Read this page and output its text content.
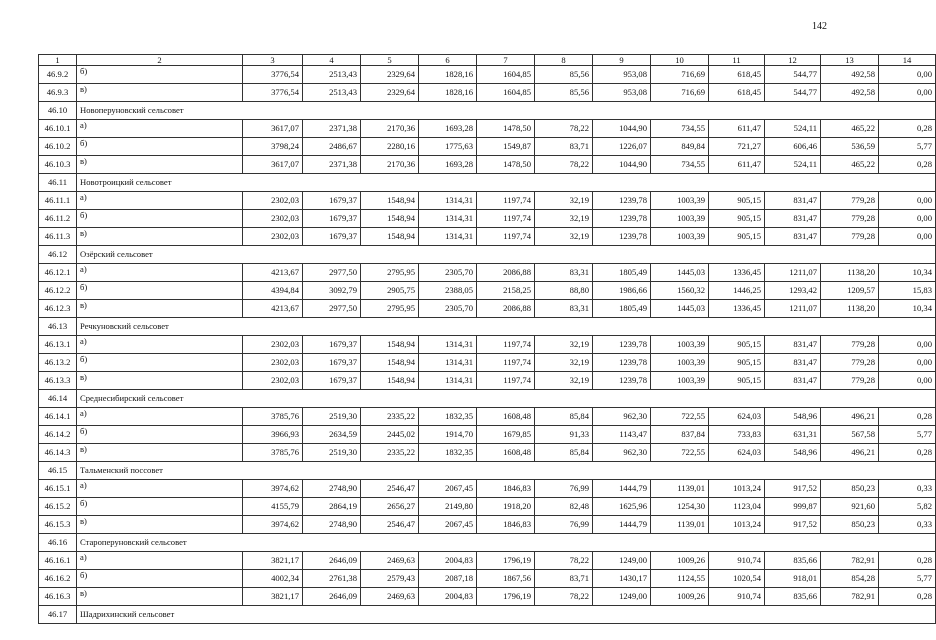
142
1	2	3	4	5	6	7	8	9	10	11	12	13	14
46.9.2	б)	3776,54	2513,43	2329,64	1828,16	1604,85	85,56	953,08	716,69	618,45	544,77	492,58	0,00
46.9.3	в)	3776,54	2513,43	2329,64	1828,16	1604,85	85,56	953,08	716,69	618,45	544,77	492,58	0,00
46.10	Новоперуновский сельсовет												
46.10.1	а)	3617,07	2371,38	2170,36	1693,28	1478,50	78,22	1044,90	734,55	611,47	524,11	465,22	0,28
46.10.2	б)	3798,24	2486,67	2280,16	1775,63	1549,87	83,71	1226,07	849,84	721,27	606,46	536,59	5,77
46.10.3	в)	3617,07	2371,38	2170,36	1693,28	1478,50	78,22	1044,90	734,55	611,47	524,11	465,22	0,28
46.11	Новотроицкий сельсовет												
46.11.1	а)	2302,03	1679,37	1548,94	1314,31	1197,74	32,19	1239,78	1003,39	905,15	831,47	779,28	0,00
46.11.2	б)	2302,03	1679,37	1548,94	1314,31	1197,74	32,19	1239,78	1003,39	905,15	831,47	779,28	0,00
46.11.3	в)	2302,03	1679,37	1548,94	1314,31	1197,74	32,19	1239,78	1003,39	905,15	831,47	779,28	0,00
46.12	Озёрский сельсовет												
46.12.1	а)	4213,67	2977,50	2795,95	2305,70	2086,88	83,31	1805,49	1445,03	1336,45	1211,07	1138,20	10,34
46.12.2	б)	4394,84	3092,79	2905,75	2388,05	2158,25	88,80	1986,66	1560,32	1446,25	1293,42	1209,57	15,83
46.12.3	в)	4213,67	2977,50	2795,95	2305,70	2086,88	83,31	1805,49	1445,03	1336,45	1211,07	1138,20	10,34
46.13	Речкуновский сельсовет												
46.13.1	а)	2302,03	1679,37	1548,94	1314,31	1197,74	32,19	1239,78	1003,39	905,15	831,47	779,28	0,00
46.13.2	б)	2302,03	1679,37	1548,94	1314,31	1197,74	32,19	1239,78	1003,39	905,15	831,47	779,28	0,00
46.13.3	в)	2302,03	1679,37	1548,94	1314,31	1197,74	32,19	1239,78	1003,39	905,15	831,47	779,28	0,00
46.14	Среднесибирский сельсовет												
46.14.1	а)	3785,76	2519,30	2335,22	1832,35	1608,48	85,84	962,30	722,55	624,03	548,96	496,21	0,28
46.14.2	б)	3966,93	2634,59	2445,02	1914,70	1679,85	91,33	1143,47	837,84	733,83	631,31	567,58	5,77
46.14.3	в)	3785,76	2519,30	2335,22	1832,35	1608,48	85,84	962,30	722,55	624,03	548,96	496,21	0,28
46.15	Тальменский поссовет												
46.15.1	а)	3974,62	2748,90	2546,47	2067,45	1846,83	76,99	1444,79	1139,01	1013,24	917,52	850,23	0,33
46.15.2	б)	4155,79	2864,19	2656,27	2149,80	1918,20	82,48	1625,96	1254,30	1123,04	999,87	921,60	5,82
46.15.3	в)	3974,62	2748,90	2546,47	2067,45	1846,83	76,99	1444,79	1139,01	1013,24	917,52	850,23	0,33
46.16	Староперуновский сельсовет												
46.16.1	а)	3821,17	2646,09	2469,63	2004,83	1796,19	78,22	1249,00	1009,26	910,74	835,66	782,91	0,28
46.16.2	б)	4002,34	2761,38	2579,43	2087,18	1867,56	83,71	1430,17	1124,55	1020,54	918,01	854,28	5,77
46.16.3	в)	3821,17	2646,09	2469,63	2004,83	1796,19	78,22	1249,00	1009,26	910,74	835,66	782,91	0,28
46.17	Шадрихинский сельсовет												
